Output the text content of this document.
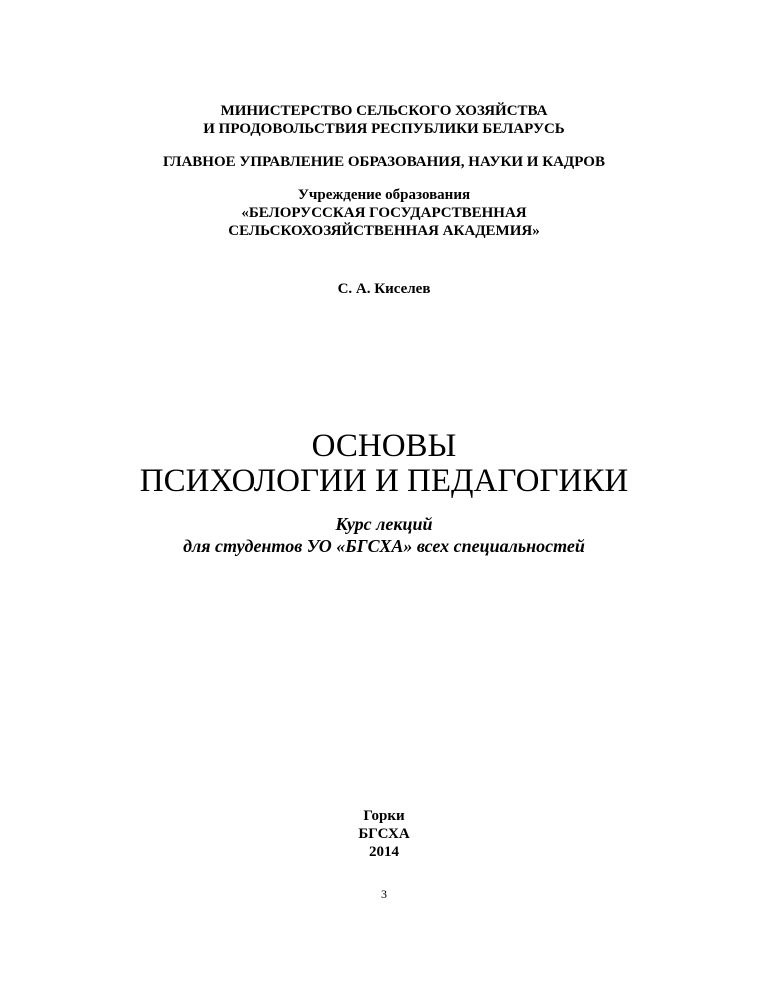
МИНИСТЕРСТВО СЕЛЬСКОГО ХОЗЯЙСТВА
И ПРОДОВОЛЬСТВИЯ РЕСПУБЛИКИ БЕЛАРУСЬ
ГЛАВНОЕ УПРАВЛЕНИЕ ОБРАЗОВАНИЯ, НАУКИ И КАДРОВ
Учреждение образования
«БЕЛОРУССКАЯ ГОСУДАРСТВЕННАЯ
СЕЛЬСКОХОЗЯЙСТВЕННАЯ АКАДЕМИЯ»
С. А. Киселев
ОСНОВЫ
ПСИХОЛОГИИ И ПЕДАГОГИКИ
Курс лекций
для студентов УО «БГСХА» всех специальностей
Горки
БГСХА
2014
3
